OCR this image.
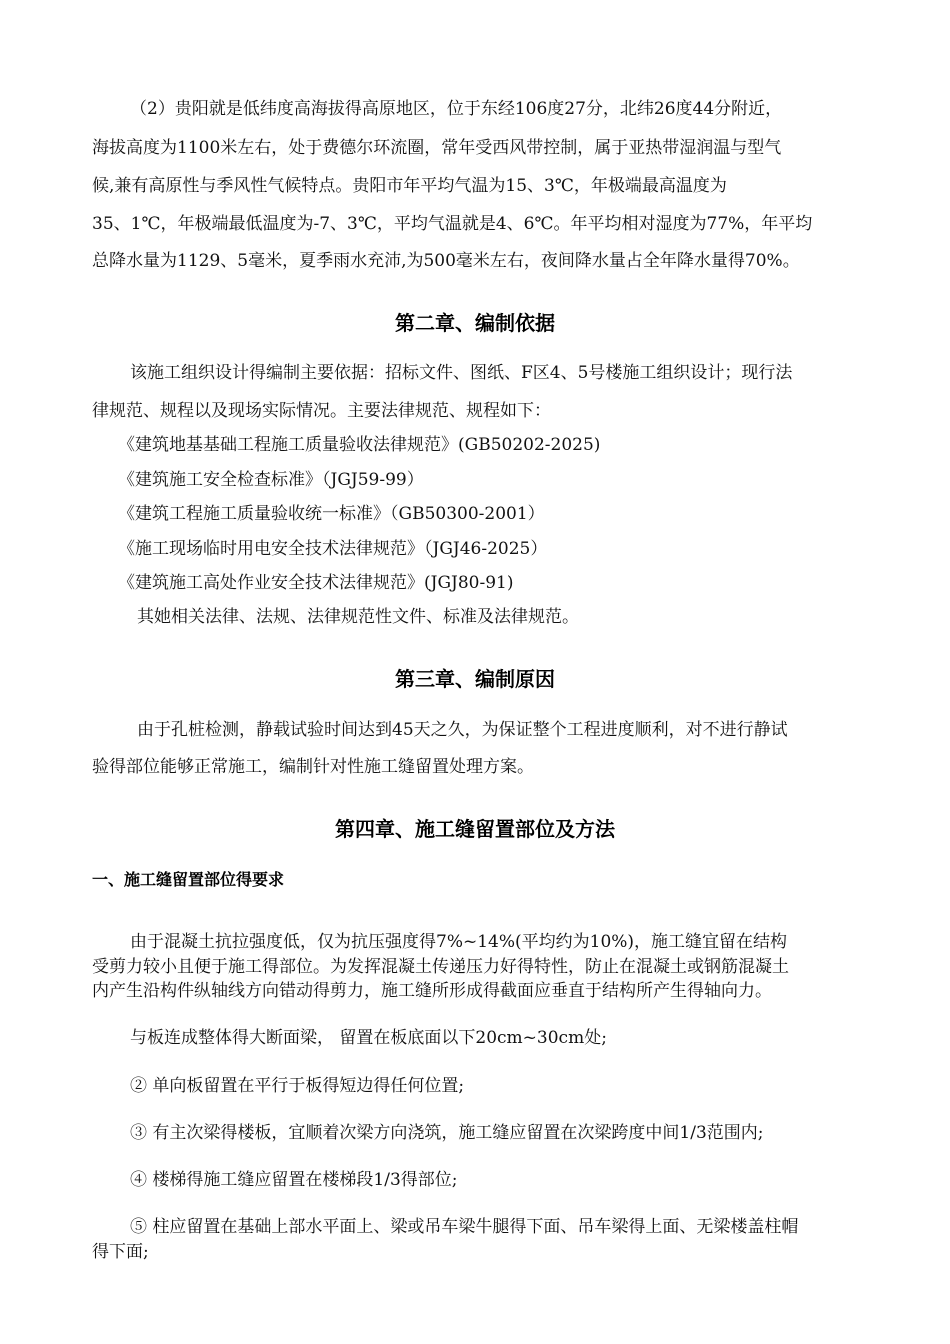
（2）贵阳就是低纬度高海拔得高原地区，位于东经106度27分，北纬26度44分附近，
海拔高度为1100米左右，处于费德尔环流圈，常年受西风带控制，属于亚热带湿润温与型气
候,兼有高原性与季风性气候特点。贵阳市年平均气温为15、3℃，年极端最高温度为
35、1℃，年极端最低温度为-7、3℃，平均气温就是4、6℃。年平均相对湿度为77%，年平均
总降水量为1129、5毫米，夏季雨水充沛,为500毫米左右，夜间降水量占全年降水量得70%。
第二章、编制依据
该施工组织设计得编制主要依据：招标文件、图纸、F区4、5号楼施工组织设计；现行法
律规范、规程以及现场实际情况。主要法律规范、规程如下：
《建筑地基基础工程施工质量验收法律规范》(GB50202-2025)
《建筑施工安全检查标准》（JGJ59-99）
《建筑工程施工质量验收统一标准》（GB50300-2001）
《施工现场临时用电安全技术法律规范》（JGJ46-2025）
《建筑施工高处作业安全技术法律规范》(JGJ80-91)
其她相关法律、法规、法律规范性文件、标准及法律规范。
第三章、编制原因
由于孔桩检测，静载试验时间达到45天之久，为保证整个工程进度顺利，对不进行静试
验得部位能够正常施工，编制针对性施工缝留置处理方案。
第四章、施工缝留置部位及方法
一、施工缝留置部位得要求
由于混凝土抗拉强度低，仅为抗压强度得7%~14%(平均约为10%)，施工缝宜留在结构
受剪力较小且便于施工得部位。为发挥混凝土传递压力好得特性，防止在混凝土或钢筋混凝土
内产生沿构件纵轴线方向错动得剪力，施工缝所形成得截面应垂直于结构所产生得轴向力。
与板连成整体得大断面梁， 留置在板底面以下20cm~30cm处;
② 单向板留置在平行于板得短边得任何位置;
③ 有主次梁得楼板，宜顺着次梁方向浇筑，施工缝应留置在次梁跨度中间1/3范围内;
④ 楼梯得施工缝应留置在楼梯段1/3得部位;
⑤ 柱应留置在基础上部水平面上、梁或吊车梁牛腿得下面、吊车梁得上面、无梁楼盖柱帽
得下面;
